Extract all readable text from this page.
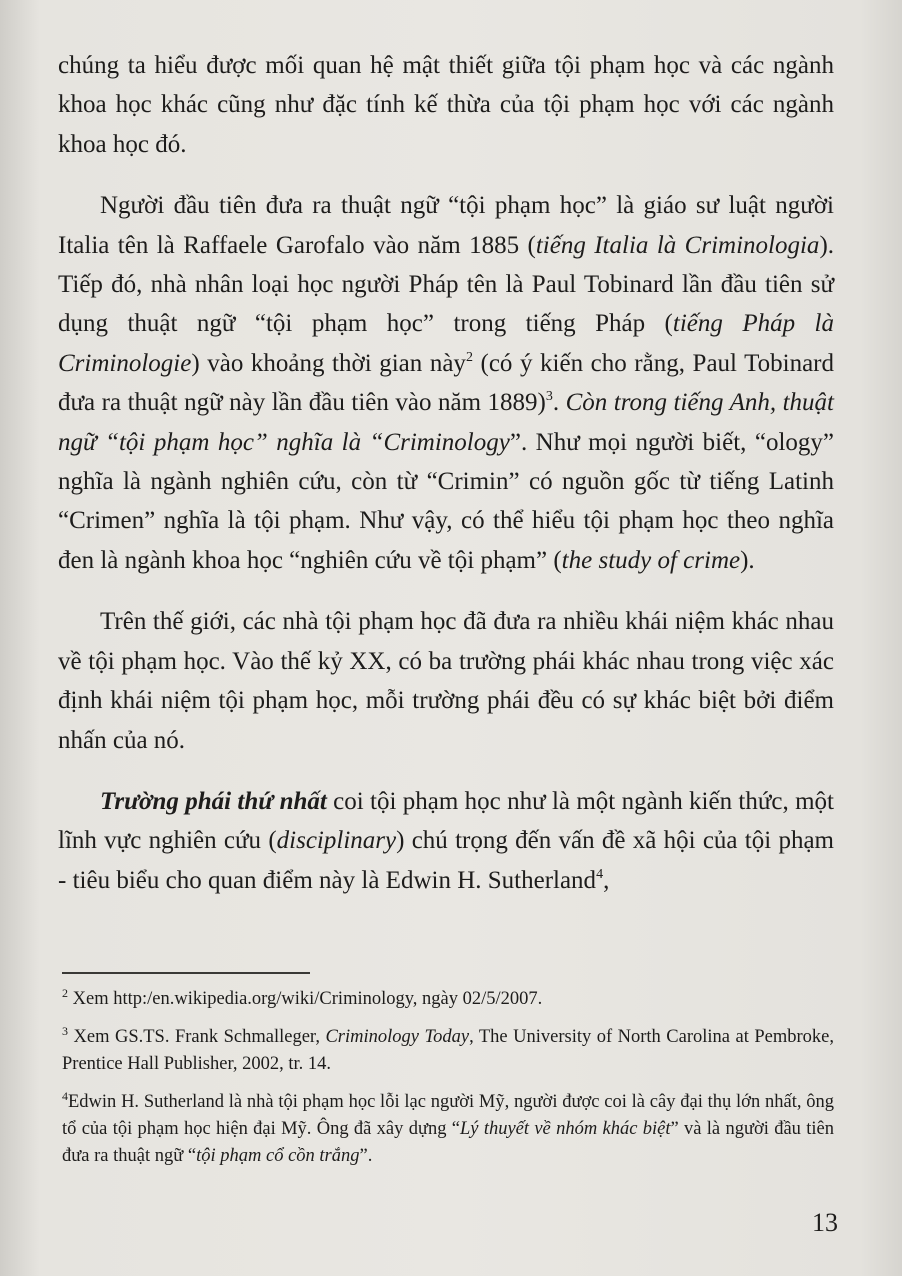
chúng ta hiểu được mối quan hệ mật thiết giữa tội phạm học và các ngành khoa học khác cũng như đặc tính kế thừa của tội phạm học với các ngành khoa học đó.

Người đầu tiên đưa ra thuật ngữ “tội phạm học” là giáo sư luật người Italia tên là Raffaele Garofalo vào năm 1885 (tiếng Italia là Criminologia). Tiếp đó, nhà nhân loại học người Pháp tên là Paul Tobinard lần đầu tiên sử dụng thuật ngữ “tội phạm học” trong tiếng Pháp (tiếng Pháp là Criminologie) vào khoảng thời gian này$^2$ (có ý kiến cho rằng, Paul Tobinard đưa ra thuật ngữ này lần đầu tiên vào năm 1889)$^3$. Còn trong tiếng Anh, thuật ngữ “tội phạm học” nghĩa là “Criminology”. Như mọi người biết, “ology” nghĩa là ngành nghiên cứu, còn từ “Crimin” có nguồn gốc từ tiếng Latinh “Crimen” nghĩa là tội phạm. Như vậy, có thể hiểu tội phạm học theo nghĩa đen là ngành khoa học “nghiên cứu về tội phạm” (the study of crime).

Trên thế giới, các nhà tội phạm học đã đưa ra nhiều khái niệm khác nhau về tội phạm học. Vào thế kỷ XX, có ba trường phái khác nhau trong việc xác định khái niệm tội phạm học, mỗi trường phái đều có sự khác biệt bởi điểm nhấn của nó.

Trường phái thứ nhất coi tội phạm học như là một ngành kiến thức, một lĩnh vực nghiên cứu (disciplinary) chú trọng đến vấn đề xã hội của tội phạm - tiêu biểu cho quan điểm này là Edwin H. Sutherland$^4$,

$^2$ Xem http:/en.wikipedia.org/wiki/Criminology, ngày 02/5/2007.

$^3$ Xem GS.TS. Frank Schmalleger, Criminology Today, The University of North Carolina at Pembroke, Prentice Hall Publisher, 2002, tr. 14.

$^4$Edwin H. Sutherland là nhà tội phạm học lỗi lạc người Mỹ, người được coi là cây đại thụ lớn nhất, ông tổ của tội phạm học hiện đại Mỹ. Ông đã xây dựng “Lý thuyết về nhóm khác biệt” và là người đầu tiên đưa ra thuật ngữ “tội phạm cổ cồn trắng”.

13
